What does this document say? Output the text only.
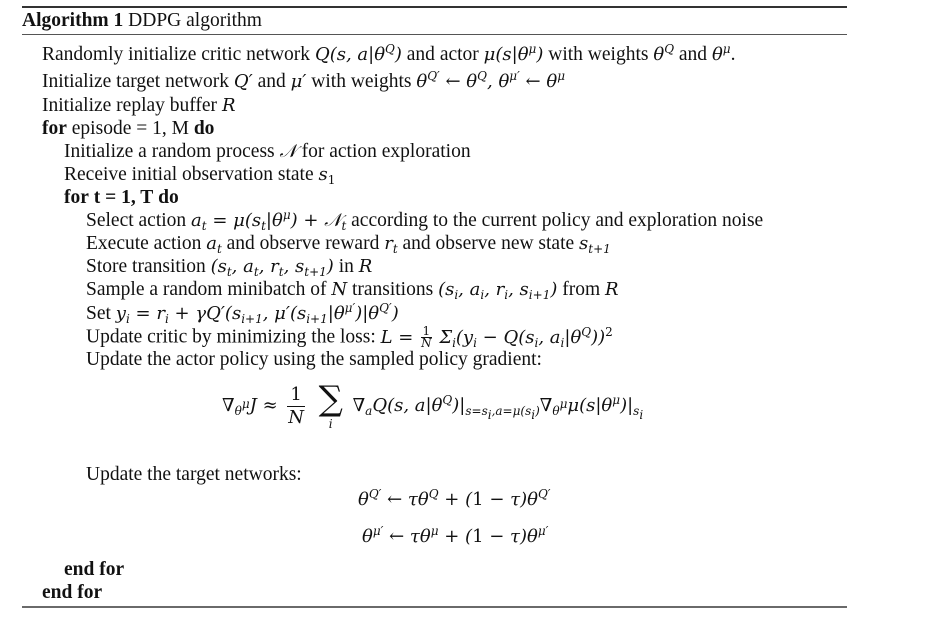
Algorithm 1 DDPG algorithm
Randomly initialize critic network Q(s, $a|\theta^Q$) and actor $\mu(s|\theta^\mu)$ with weights $\theta^Q$ and $\theta^\mu$.
Initialize target network Q′ and μ′ with weights $\theta^{Q'}$ ← $\theta^Q$, $\theta^{\mu'}$ ← $\theta^\mu$
Initialize replay buffer R
for episode = 1, M do
Initialize a random process 𝒩 for action exploration
Receive initial observation state $s_1$
for t = 1, T do
Select action $a_t = \mu(s_t|\theta^\mu)$ + 𝒩$_t$ according to the current policy and exploration noise
Execute action $a_t$ and observe reward $r_t$ and observe new state $s_{t+1}$
Store transition ($s_t$, $a_t$, $r_t$, $s_{t+1}$) in R
Sample a random minibatch of N transitions ($s_i$, $a_i$, $r_i$, $s_{i+1}$) from R
Set $y_i = r_i + \gamma Q'(s_{i+1}$, $\mu'(s_{i+1}|\theta^{\mu'})|\theta^{Q'}$)
Update critic by minimizing the loss: $L = \frac{1}{N} \Sigma_i(y_i - Q(s_i$, $a_i|\theta^Q))^2$
Update the actor policy using the sampled policy gradient:
$\nabla_{\theta^\mu}J \approx \frac{1}{N}$
∑
i
$\nabla_aQ(s$, $a|\theta^Q)|_{s=s_i,a=\mu(s_i)}\nabla_{\theta^\mu}\mu(s|\theta^\mu)|_{s_i}$
Update the target networks:
$\theta^{Q'}$ ← $\tau\theta^Q + (1 - \tau)\theta^{Q'}$
$\theta^{\mu'}$ ← $\tau\theta^\mu + (1 - \tau)\theta^{\mu'}$
end for
end for
